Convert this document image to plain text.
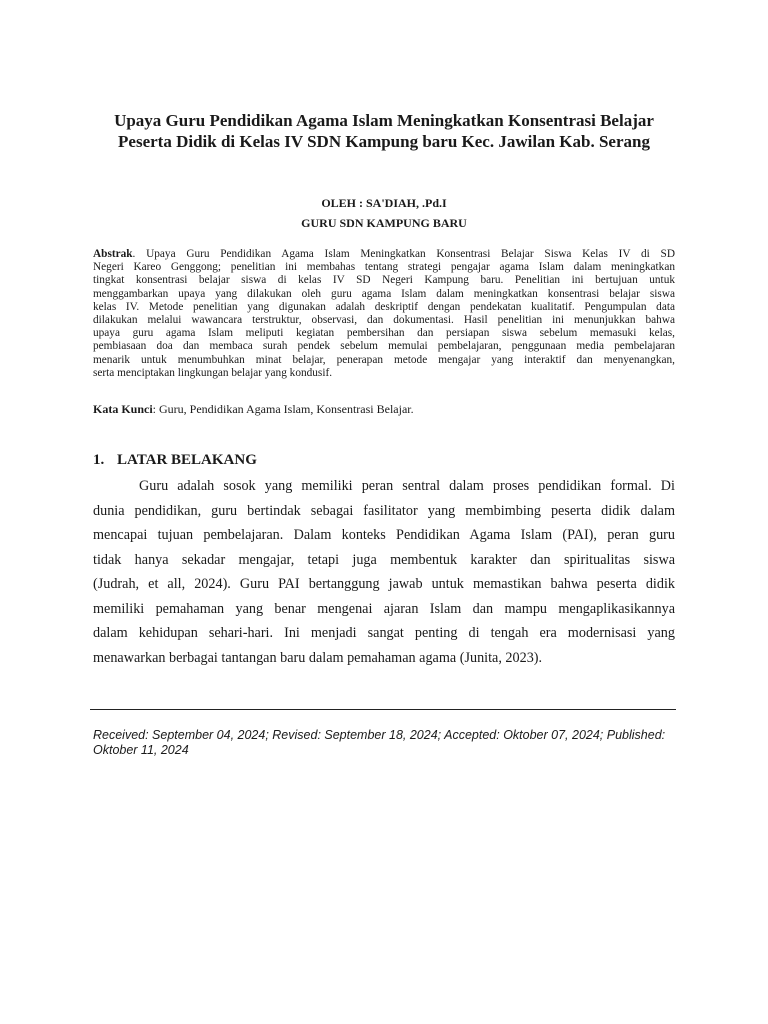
Upaya Guru Pendidikan Agama Islam Meningkatkan Konsentrasi Belajar
Peserta Didik di Kelas IV SDN Kampung baru Kec. Jawilan Kab. Serang
OLEH : SA'DIAH, .Pd.I
GURU SDN KAMPUNG BARU
Abstrak. Upaya Guru Pendidikan Agama Islam Meningkatkan Konsentrasi Belajar Siswa Kelas IV di SD
Negeri Kareo Genggong; penelitian ini membahas tentang strategi pengajar agama Islam dalam meningkatkan
tingkat konsentrasi belajar siswa di kelas IV SD Negeri Kampung baru. Penelitian ini bertujuan untuk
menggambarkan upaya yang dilakukan oleh guru agama Islam dalam meningkatkan konsentrasi belajar siswa
kelas IV. Metode penelitian yang digunakan adalah deskriptif dengan pendekatan kualitatif. Pengumpulan data
dilakukan melalui wawancara terstruktur, observasi, dan dokumentasi. Hasil penelitian ini menunjukkan bahwa
upaya guru agama Islam meliputi kegiatan pembersihan dan persiapan siswa sebelum memasuki kelas,
pembiasaan doa dan membaca surah pendek sebelum memulai pembelajaran, penggunaan media pembelajaran
menarik untuk menumbuhkan minat belajar, penerapan metode mengajar yang interaktif dan menyenangkan,
serta menciptakan lingkungan belajar yang kondusif.

Kata Kunci: Guru, Pendidikan Agama Islam, Konsentrasi Belajar.

1. LATAR BELAKANG
Guru adalah sosok yang memiliki peran sentral dalam proses pendidikan formal. Di
dunia pendidikan, guru bertindak sebagai fasilitator yang membimbing peserta didik dalam
mencapai tujuan pembelajaran. Dalam konteks Pendidikan Agama Islam (PAI), peran guru
tidak hanya sekadar mengajar, tetapi juga membentuk karakter dan spiritualitas siswa
(Judrah, et all, 2024). Guru PAI bertanggung jawab untuk memastikan bahwa peserta didik
memiliki pemahaman yang benar mengenai ajaran Islam dan mampu mengaplikasikannya
dalam kehidupan sehari-hari. Ini menjadi sangat penting di tengah era modernisasi yang
menawarkan berbagai tantangan baru dalam pemahaman agama (Junita, 2023).

Received: September 04, 2024; Revised: September 18, 2024; Accepted: Oktober 07, 2024; Published:
Oktober 11, 2024
